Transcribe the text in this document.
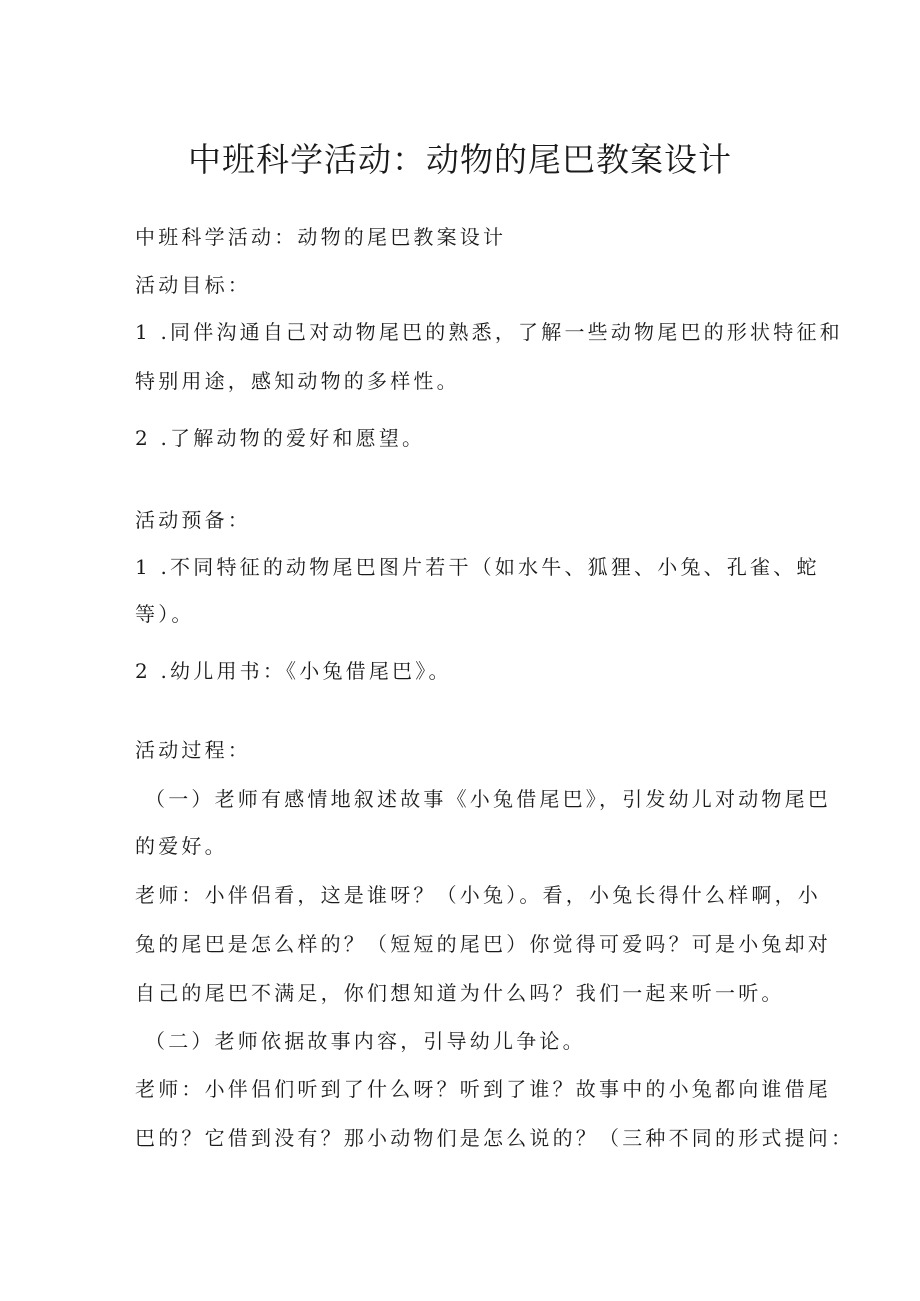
中班科学活动：动物的尾巴教案设计

中班科学活动：动物的尾巴教案设计

活动目标：

1 .同伴沟通自己对动物尾巴的熟悉，了解一些动物尾巴的形状特征和

特别用途，感知动物的多样性。

2 .了解动物的爱好和愿望。

活动预备：

1 .不同特征的动物尾巴图片若干（如水牛、狐狸、小兔、孔雀、蛇

等）。

2 .幼儿用书：《小兔借尾巴》。

活动过程：

（一）老师有感情地叙述故事《小兔借尾巴》，引发幼儿对动物尾巴

的爱好。

老师：小伴侣看，这是谁呀？（小兔）。看，小兔长得什么样啊，小

兔的尾巴是怎么样的？（短短的尾巴）你觉得可爱吗？可是小兔却对

自己的尾巴不满足，你们想知道为什么吗？我们一起来听一听。

（二）老师依据故事内容，引导幼儿争论。

老师：小伴侣们听到了什么呀？听到了谁？故事中的小兔都向谁借尾

巴的？它借到没有？那小动物们是怎么说的？（三种不同的形式提问：
